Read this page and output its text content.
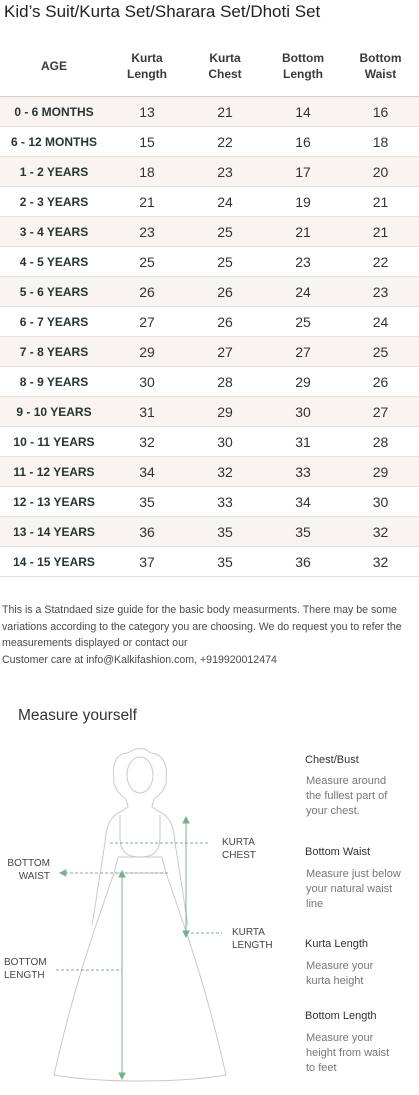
Kid’s Suit/Kurta Set/Sharara Set/Dhoti Set
AGE	Kurta Length	Kurta Chest	Bottom Length	Bottom Waist
0 - 6 MONTHS	13	21	14	16
6 - 12 MONTHS	15	22	16	18
1 - 2 YEARS	18	23	17	20
2 - 3 YEARS	21	24	19	21
3 - 4 YEARS	23	25	21	21
4 - 5 YEARS	25	25	23	22
5 - 6 YEARS	26	26	24	23
6 - 7 YEARS	27	26	25	24
7 - 8 YEARS	29	27	27	25
8 - 9 YEARS	30	28	29	26
9 - 10 YEARS	31	29	30	27
10 - 11 YEARS	32	30	31	28
11 - 12 YEARS	34	32	33	29
12 - 13 YEARS	35	33	34	30
13 - 14 YEARS	36	35	35	32
14 - 15 YEARS	37	35	36	32
This is a Statndaed size guide for the basic body measurments. There may be some variations according to the category you are choosing. We do request you to refer the measurements displayed or contact our
Customer care at info@Kalkifashion.com, +919920012474
Measure yourself
KURTA
CHEST
BOTTOM
WAIST
KURTA
LENGTH
BOTTOM
LENGTH
Chest/Bust
Measure around
the fullest part of
your chest.
Bottom Waist
Measure just below
your natural waist
line
Kurta Length
Measure your
kurta height
Bottom Length
Measure your
height from waist
to feet
